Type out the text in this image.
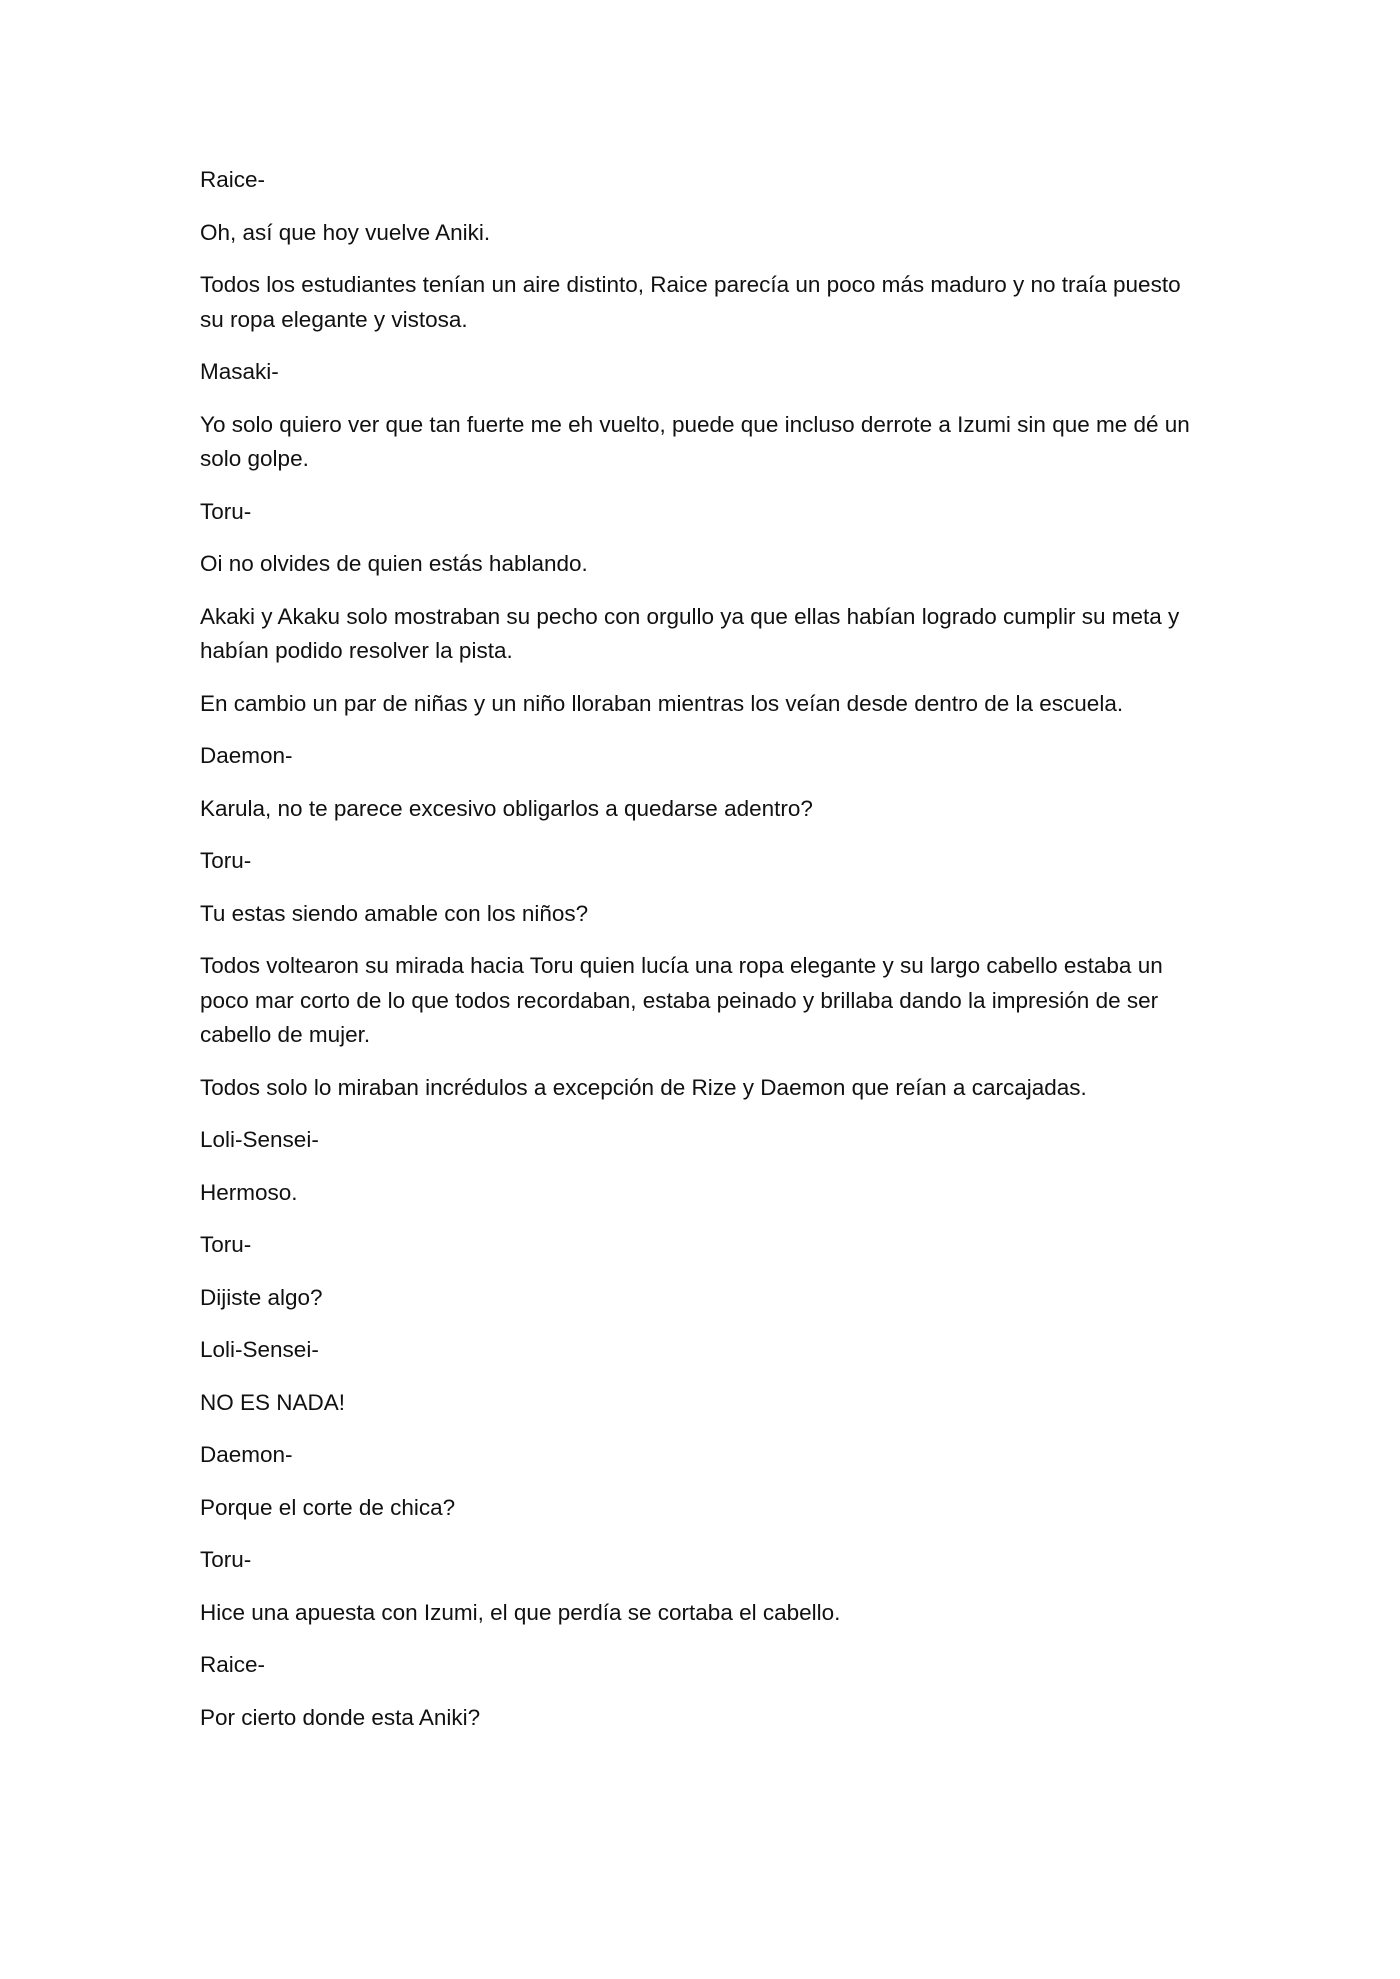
Raice-

Oh, así que hoy vuelve Aniki.

Todos los estudiantes tenían un aire distinto, Raice parecía un poco más maduro y no traía puesto su ropa elegante y vistosa.

Masaki-

Yo solo quiero ver que tan fuerte me eh vuelto, puede que incluso derrote a Izumi sin que me dé un solo golpe.

Toru-

Oi no olvides de quien estás hablando.

Akaki y Akaku solo mostraban su pecho con orgullo ya que ellas habían logrado cumplir su meta y habían podido resolver la pista.

En cambio un par de niñas y un niño lloraban mientras los veían desde dentro de la escuela.

Daemon-

Karula, no te parece excesivo obligarlos a quedarse adentro?

Toru-

Tu estas siendo amable con los niños?

Todos voltearon su mirada hacia Toru quien lucía una ropa elegante y su largo cabello estaba un poco mar corto de lo que todos recordaban, estaba peinado y brillaba dando la impresión de ser cabello de mujer.

Todos solo lo miraban incrédulos a excepción de Rize y Daemon que reían a carcajadas.

Loli-Sensei-

Hermoso.

Toru-

Dijiste algo?

Loli-Sensei-

NO ES NADA!

Daemon-

Porque el corte de chica?

Toru-

Hice una apuesta con Izumi, el que perdía se cortaba el cabello.

Raice-

Por cierto donde esta Aniki?
